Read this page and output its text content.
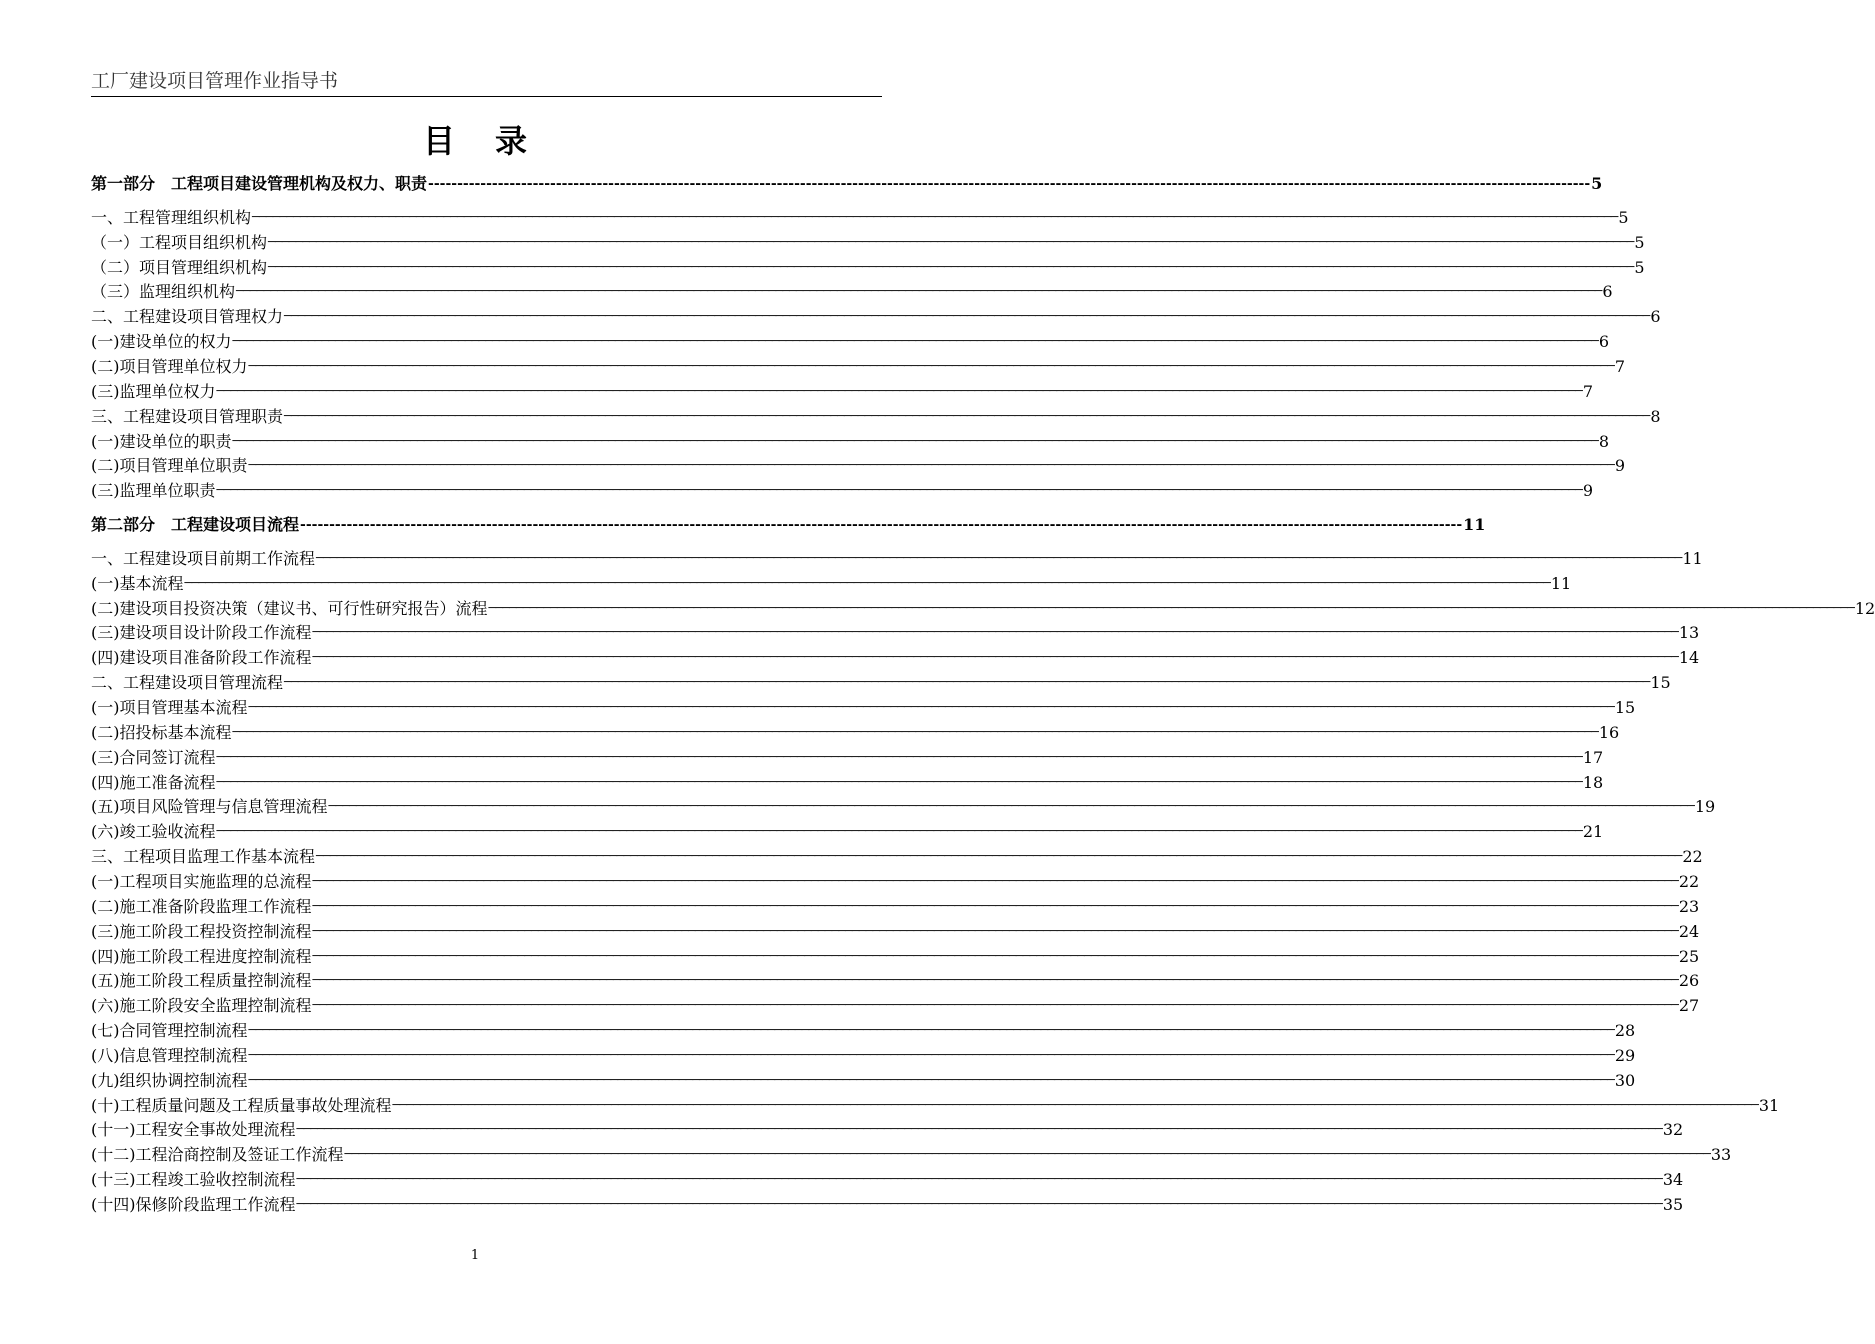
工厂建设项目管理作业指导书
目录
第一部分　工程项目建设管理机构及权力、职责 -------------------------------------------------------------------------------------------------------------------------------------------------------------------------------------------------------- 5
一、工程管理组织机构 ──────────────────────────────────────────────────────────────────────────────────────────────────────────────────────────────────────────────────────────────────────────────────────────────────────── 5
（一）工程项目组织机构 ──────────────────────────────────────────────────────────────────────────────────────────────────────────────────────────────────────────────────────────────────────────────────────────────────────── 5
（二）项目管理组织机构 ──────────────────────────────────────────────────────────────────────────────────────────────────────────────────────────────────────────────────────────────────────────────────────────────────────── 5
（三）监理组织机构 ──────────────────────────────────────────────────────────────────────────────────────────────────────────────────────────────────────────────────────────────────────────────────────────────────────── 6
二、工程建设项目管理权力 ──────────────────────────────────────────────────────────────────────────────────────────────────────────────────────────────────────────────────────────────────────────────────────────────────────── 6
(一)建设单位的权力 ──────────────────────────────────────────────────────────────────────────────────────────────────────────────────────────────────────────────────────────────────────────────────────────────────────── 6
(二)项目管理单位权力 ──────────────────────────────────────────────────────────────────────────────────────────────────────────────────────────────────────────────────────────────────────────────────────────────────────── 7
(三)监理单位权力 ──────────────────────────────────────────────────────────────────────────────────────────────────────────────────────────────────────────────────────────────────────────────────────────────────────── 7
三、工程建设项目管理职责 ──────────────────────────────────────────────────────────────────────────────────────────────────────────────────────────────────────────────────────────────────────────────────────────────────────── 8
(一)建设单位的职责 ──────────────────────────────────────────────────────────────────────────────────────────────────────────────────────────────────────────────────────────────────────────────────────────────────────── 8
(二)项目管理单位职责 ──────────────────────────────────────────────────────────────────────────────────────────────────────────────────────────────────────────────────────────────────────────────────────────────────────── 9
(三)监理单位职责 ──────────────────────────────────────────────────────────────────────────────────────────────────────────────────────────────────────────────────────────────────────────────────────────────────────── 9
第二部分　工程建设项目流程 -------------------------------------------------------------------------------------------------------------------------------------------------------------------------------------------------------- 11
一、工程建设项目前期工作流程 ──────────────────────────────────────────────────────────────────────────────────────────────────────────────────────────────────────────────────────────────────────────────────────────────────────── 11
(一)基本流程 ──────────────────────────────────────────────────────────────────────────────────────────────────────────────────────────────────────────────────────────────────────────────────────────────────────── 11
(二)建设项目投资决策（建议书、可行性研究报告）流程 ──────────────────────────────────────────────────────────────────────────────────────────────────────────────────────────────────────────────────────────────────────────────────────────────────────── 12
(三)建设项目设计阶段工作流程 ──────────────────────────────────────────────────────────────────────────────────────────────────────────────────────────────────────────────────────────────────────────────────────────────────────── 13
(四)建设项目准备阶段工作流程 ──────────────────────────────────────────────────────────────────────────────────────────────────────────────────────────────────────────────────────────────────────────────────────────────────────── 14
二、工程建设项目管理流程 ──────────────────────────────────────────────────────────────────────────────────────────────────────────────────────────────────────────────────────────────────────────────────────────────────────── 15
(一)项目管理基本流程 ──────────────────────────────────────────────────────────────────────────────────────────────────────────────────────────────────────────────────────────────────────────────────────────────────────── 15
(二)招投标基本流程 ──────────────────────────────────────────────────────────────────────────────────────────────────────────────────────────────────────────────────────────────────────────────────────────────────────── 16
(三)合同签订流程 ──────────────────────────────────────────────────────────────────────────────────────────────────────────────────────────────────────────────────────────────────────────────────────────────────────── 17
(四)施工准备流程 ──────────────────────────────────────────────────────────────────────────────────────────────────────────────────────────────────────────────────────────────────────────────────────────────────────── 18
(五)项目风险管理与信息管理流程 ──────────────────────────────────────────────────────────────────────────────────────────────────────────────────────────────────────────────────────────────────────────────────────────────────────── 19
(六)竣工验收流程 ──────────────────────────────────────────────────────────────────────────────────────────────────────────────────────────────────────────────────────────────────────────────────────────────────────── 21
三、工程项目监理工作基本流程 ──────────────────────────────────────────────────────────────────────────────────────────────────────────────────────────────────────────────────────────────────────────────────────────────────────── 22
(一)工程项目实施监理的总流程 ──────────────────────────────────────────────────────────────────────────────────────────────────────────────────────────────────────────────────────────────────────────────────────────────────────── 22
(二)施工准备阶段监理工作流程 ──────────────────────────────────────────────────────────────────────────────────────────────────────────────────────────────────────────────────────────────────────────────────────────────────────── 23
(三)施工阶段工程投资控制流程 ──────────────────────────────────────────────────────────────────────────────────────────────────────────────────────────────────────────────────────────────────────────────────────────────────────── 24
(四)施工阶段工程进度控制流程 ──────────────────────────────────────────────────────────────────────────────────────────────────────────────────────────────────────────────────────────────────────────────────────────────────────── 25
(五)施工阶段工程质量控制流程 ──────────────────────────────────────────────────────────────────────────────────────────────────────────────────────────────────────────────────────────────────────────────────────────────────────── 26
(六)施工阶段安全监理控制流程 ──────────────────────────────────────────────────────────────────────────────────────────────────────────────────────────────────────────────────────────────────────────────────────────────────────── 27
(七)合同管理控制流程 ──────────────────────────────────────────────────────────────────────────────────────────────────────────────────────────────────────────────────────────────────────────────────────────────────────── 28
(八)信息管理控制流程 ──────────────────────────────────────────────────────────────────────────────────────────────────────────────────────────────────────────────────────────────────────────────────────────────────────── 29
(九)组织协调控制流程 ──────────────────────────────────────────────────────────────────────────────────────────────────────────────────────────────────────────────────────────────────────────────────────────────────────── 30
(十)工程质量问题及工程质量事故处理流程 ──────────────────────────────────────────────────────────────────────────────────────────────────────────────────────────────────────────────────────────────────────────────────────────────────────── 31
(十一)工程安全事故处理流程 ──────────────────────────────────────────────────────────────────────────────────────────────────────────────────────────────────────────────────────────────────────────────────────────────────────── 32
(十二)工程洽商控制及签证工作流程 ──────────────────────────────────────────────────────────────────────────────────────────────────────────────────────────────────────────────────────────────────────────────────────────────────────── 33
(十三)工程竣工验收控制流程 ──────────────────────────────────────────────────────────────────────────────────────────────────────────────────────────────────────────────────────────────────────────────────────────────────────── 34
(十四)保修阶段监理工作流程 ──────────────────────────────────────────────────────────────────────────────────────────────────────────────────────────────────────────────────────────────────────────────────────────────────────── 35
1
